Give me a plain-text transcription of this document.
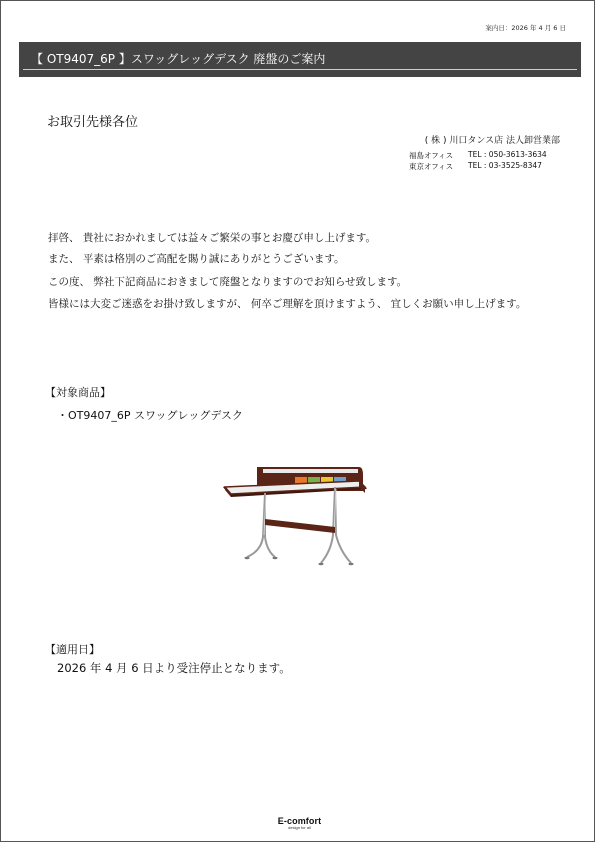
案内日：2026 年 4 月 6 日
【 OT9407_6P 】スワッグレッグデスク 廃盤のご案内
お取引先様各位
( 株 ) 川口タンス店 法人卸営業部
福島オフィス TEL : 050-3613-3634
東京オフィス TEL : 03-3525-8347
拝啓、 貴社におかれましては益々ご繁栄の事とお慶び申し上げます。
また、 平素は格別のご高配を賜り誠にありがとうございます。
この度、 弊社下記商品におきまして廃盤となりますのでお知らせ致します。
皆様には大変ご迷惑をお掛け致しますが、 何卒ご理解を頂けますよう、 宜しくお願い申し上げます。
【対象商品】
・OT9407_6P スワッグレッグデスク
【適用日】
2026 年 4 月 6 日より受注停止となります。
E-comfort
design for all
